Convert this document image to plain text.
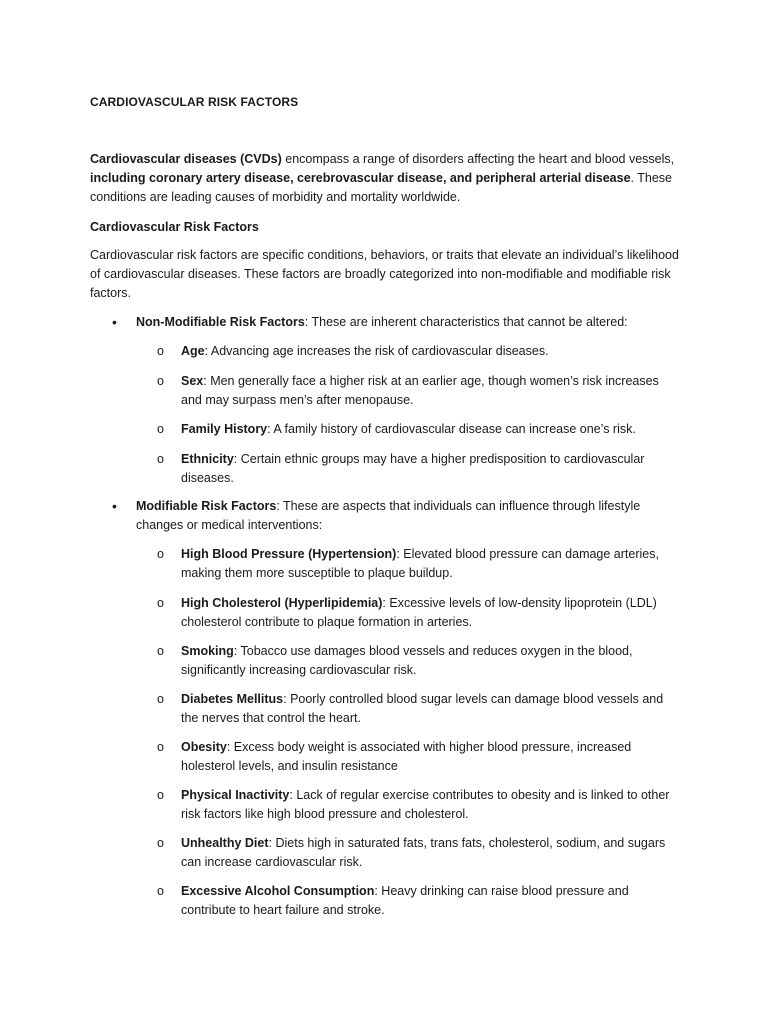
CARDIOVASCULAR RISK FACTORS

Cardiovascular diseases (CVDs) encompass a range of disorders affecting the heart and blood vessels, including coronary artery disease, cerebrovascular disease, and peripheral arterial disease. These conditions are leading causes of morbidity and mortality worldwide.

Cardiovascular Risk Factors

Cardiovascular risk factors are specific conditions, behaviors, or traits that elevate an individual’s likelihood of cardiovascular diseases. These factors are broadly categorized into non-modifiable and modifiable risk factors.

• Non-Modifiable Risk Factors: These are inherent characteristics that cannot be altered:
o Age: Advancing age increases the risk of cardiovascular diseases.
o Sex: Men generally face a higher risk at an earlier age, though women’s risk increases and may surpass men’s after menopause.
o Family History: A family history of cardiovascular disease can increase one’s risk.
o Ethnicity: Certain ethnic groups may have a higher predisposition to cardiovascular diseases.
• Modifiable Risk Factors: These are aspects that individuals can influence through lifestyle changes or medical interventions:
o High Blood Pressure (Hypertension): Elevated blood pressure can damage arteries, making them more susceptible to plaque buildup.
o High Cholesterol (Hyperlipidemia): Excessive levels of low-density lipoprotein (LDL) cholesterol contribute to plaque formation in arteries.
o Smoking: Tobacco use damages blood vessels and reduces oxygen in the blood, significantly increasing cardiovascular risk.
o Diabetes Mellitus: Poorly controlled blood sugar levels can damage blood vessels and the nerves that control the heart.
o Obesity: Excess body weight is associated with higher blood pressure, increased holesterol levels, and insulin resistance
o Physical Inactivity: Lack of regular exercise contributes to obesity and is linked to other risk factors like high blood pressure and cholesterol.
o Unhealthy Diet: Diets high in saturated fats, trans fats, cholesterol, sodium, and sugars can increase cardiovascular risk.
o Excessive Alcohol Consumption: Heavy drinking can raise blood pressure and contribute to heart failure and stroke.
